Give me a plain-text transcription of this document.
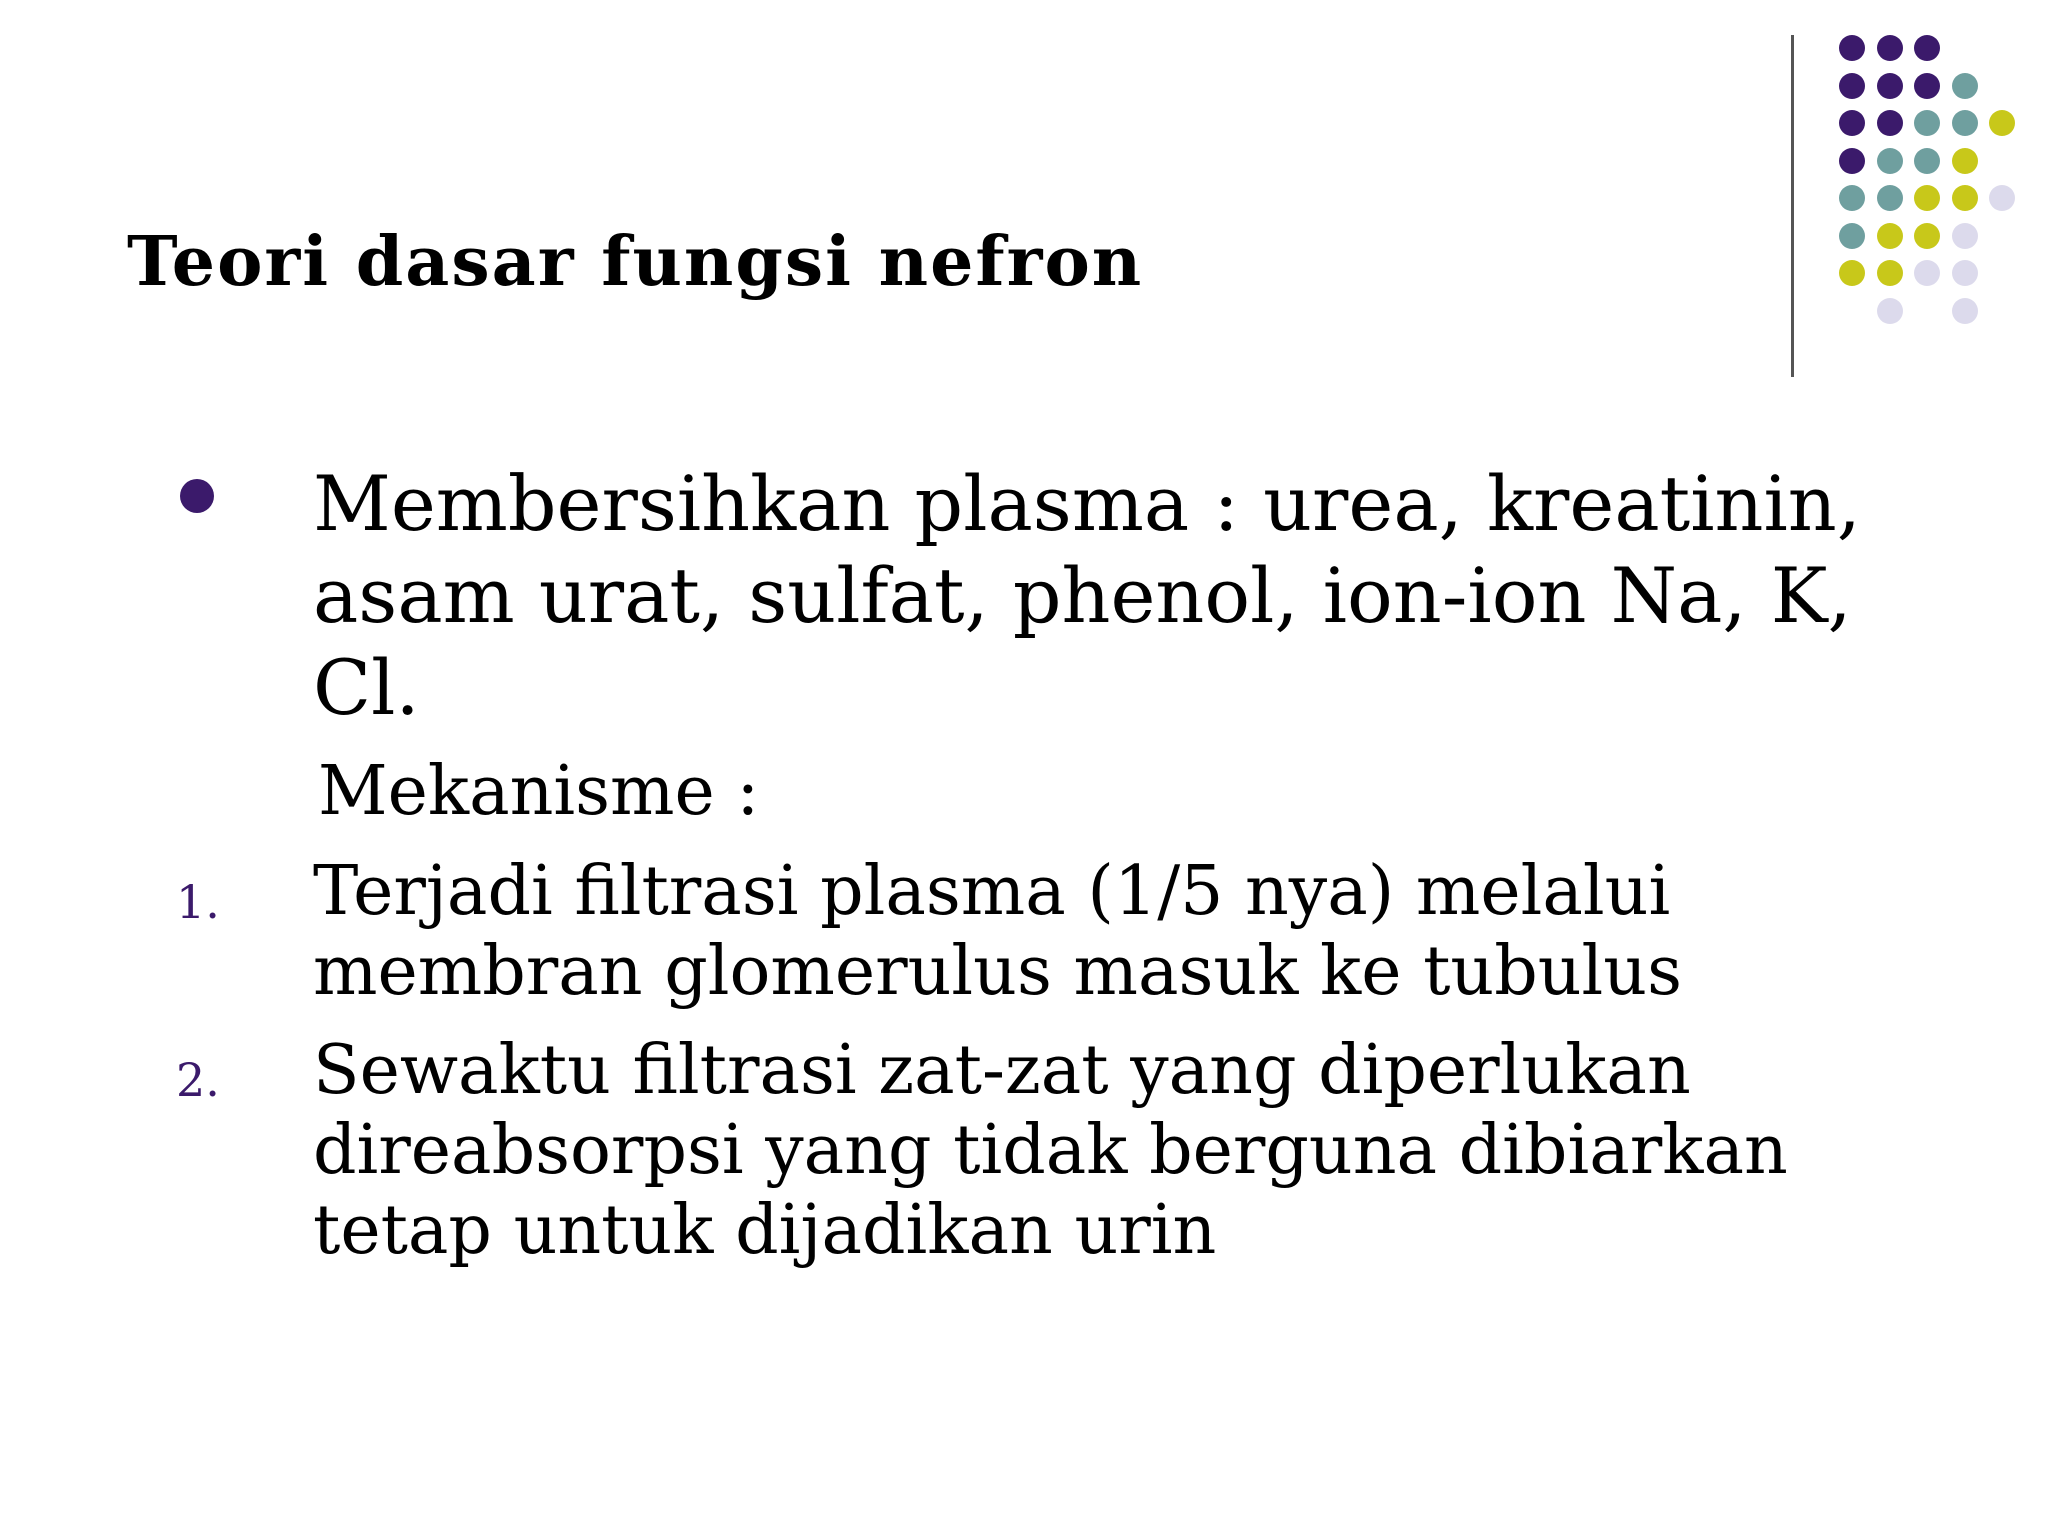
Teori dasar fungsi nefron

Membersihkan plasma : urea, kreatinin, asam urat, sulfat, phenol, ion-ion Na, K, Cl.

Mekanisme :

1. Terjadi filtrasi plasma (1/5 nya) melalui membran glomerulus masuk ke tubulus

2. Sewaktu filtrasi zat-zat yang diperlukan direabsorpsi yang tidak berguna dibiarkan tetap untuk dijadikan urin
